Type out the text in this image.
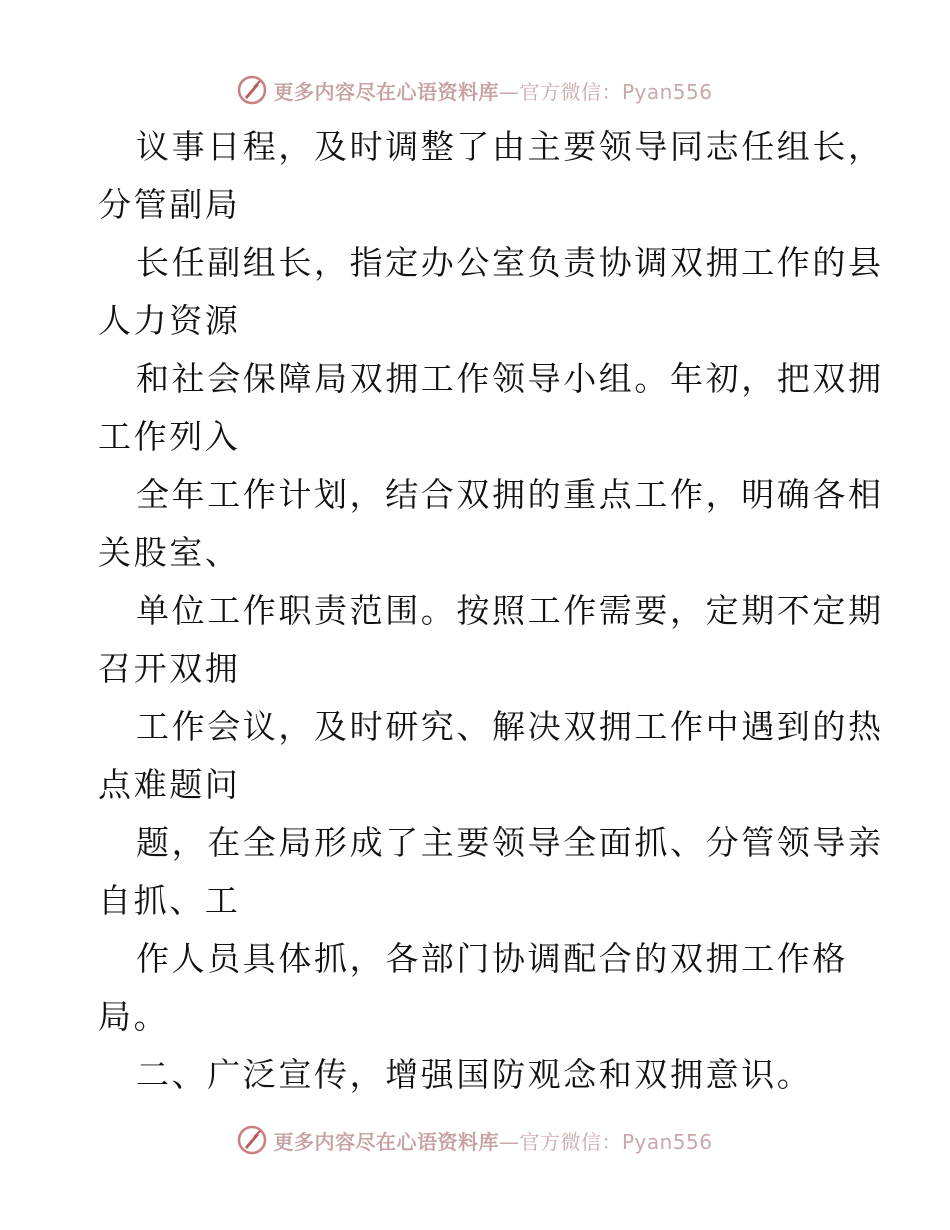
更多内容尽在心语资料库—官方微信：Pyan556
议事日程，及时调整了由主要领导同志任组长，
分管副局
长任副组长，指定办公室负责协调双拥工作的县
人力资源
和社会保障局双拥工作领导小组。年初，把双拥
工作列入
全年工作计划，结合双拥的重点工作，明确各相
关股室、
单位工作职责范围。按照工作需要，定期不定期
召开双拥
工作会议，及时研究、解决双拥工作中遇到的热
点难题问
题，在全局形成了主要领导全面抓、分管领导亲
自抓、工
作人员具体抓，各部门协调配合的双拥工作格
局。
二、广泛宣传，增强国防观念和双拥意识。
更多内容尽在心语资料库—官方微信：Pyan556
